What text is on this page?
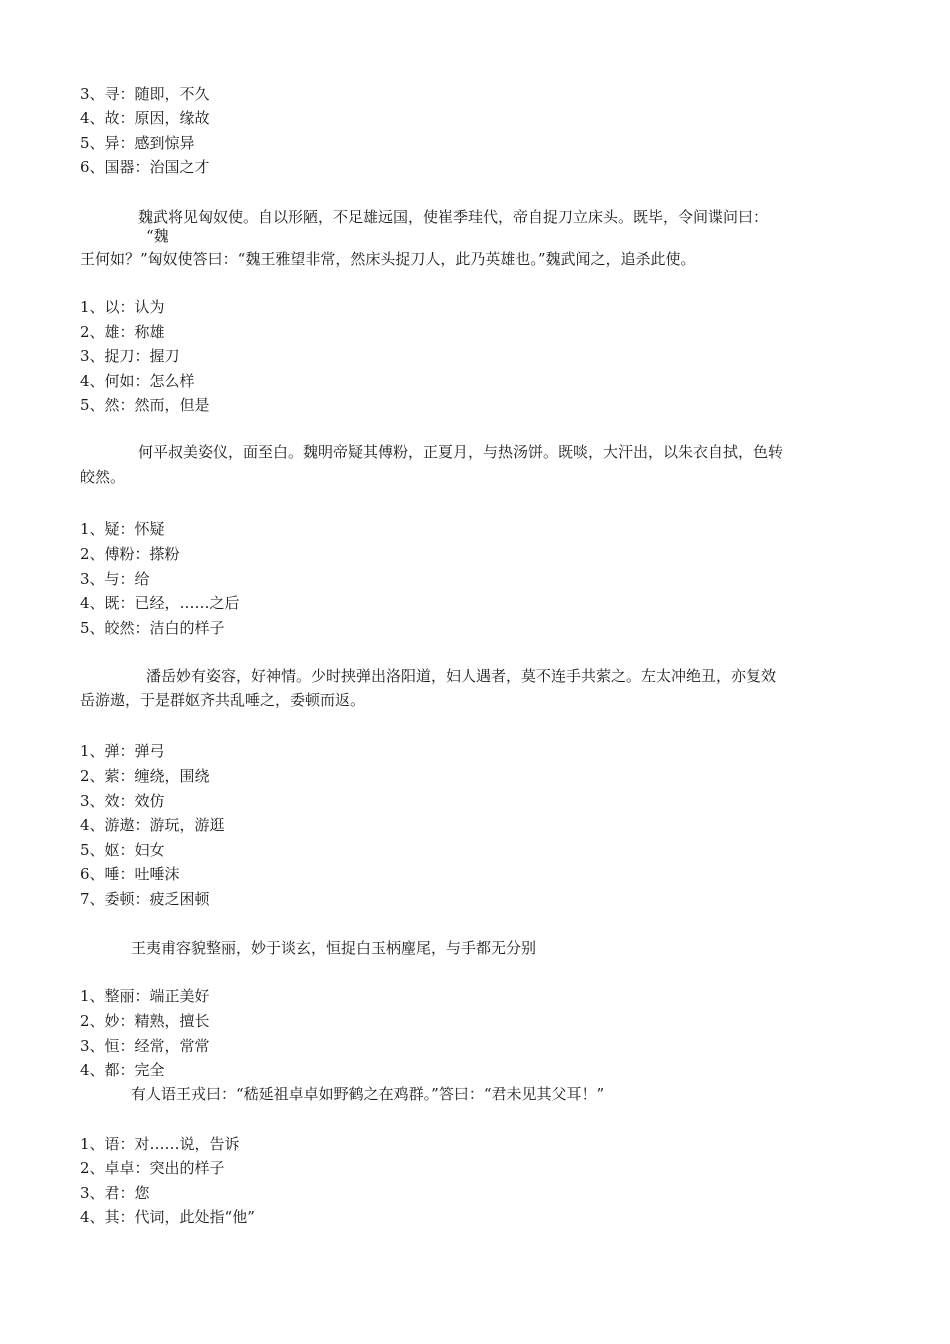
3、寻：随即，不久
4、故：原因，缘故
5、异：感到惊异
6、国器：治国之才
魏武将见匈奴使。自以形陋，不足雄远国，使崔季珪代，帝自捉刀立床头。既毕，令间谍问曰：
“魏
王何如？”匈奴使答曰：“魏王雅望非常，然床头捉刀人，此乃英雄也。”魏武闻之，追杀此使。
1、以：认为
2、雄：称雄
3、捉刀：握刀
4、何如：怎么样
5、然：然而，但是
何平叔美姿仪，面至白。魏明帝疑其傅粉，正夏月，与热汤饼。既啖，大汗出，以朱衣自拭，色转
皎然。
1、疑：怀疑
2、傅粉：搽粉
3、与：给
4、既：已经，……之后
5、皎然：洁白的样子
潘岳妙有姿容，好神情。少时挟弹出洛阳道，妇人遇者，莫不连手共萦之。左太冲绝丑，亦复效
岳游遨，于是群妪齐共乱唾之，委顿而返。
1、弹：弹弓
2、萦：缠绕，围绕
3、效：效仿
4、游遨：游玩，游逛
5、妪：妇女
6、唾：吐唾沫
7、委顿：疲乏困顿
王夷甫容貌整丽，妙于谈玄，恒捉白玉柄麈尾，与手都无分别
1、整丽：端正美好
2、妙：精熟，擅长
3、恒：经常，常常
4、都：完全
有人语王戎曰：“嵇延祖卓卓如野鹤之在鸡群。”答曰：“君未见其父耳！”
1、语：对……说，告诉
2、卓卓：突出的样子
3、君：您
4、其：代词，此处指“他”
